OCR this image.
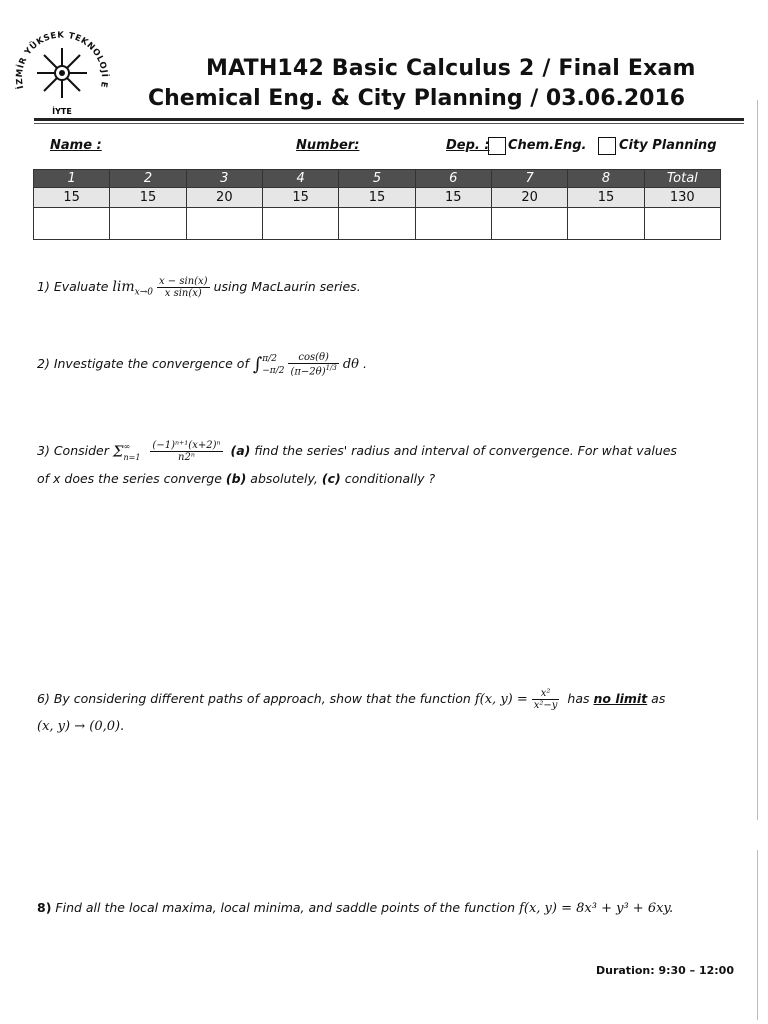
İZMİR YÜKSEK TEKNOLOJİ E
İYTE
MATH142 Basic Calculus 2 / Final Exam
Chemical Eng. & City Planning / 03.06.2016
Name :	Number:	Dep. : Chem.Eng.	City Planning
1	2	3	4	5	6	7	8	Total
15	15	20	15	15	15	20	15	130

1) Evaluate $\lim_{x\to 0} \frac{x - \sin(x)}{\text{x sin(x)}}$ using MacLaurin series.
2) Investigate the convergence of ∫ π/2
−π/2
$\frac{\cos(\theta)}{(\pi-2\theta)^{1/3}}$ dθ .
3) Consider Σ ∞
n=1
$\frac{\text{(−1)ⁿ⁺¹(x+2)ⁿ}}{\text{n2ⁿ}} (a)$ find the series' radius and interval of convergence. For what values
of x does the series converge (b) absolutely, (c) conditionally ?
6) By considering different paths of approach, show that the function f(x, $y) = \frac{\text{x²}}{\text{x²−y}}$ has no limit as
(x, y) → (0,0).
8) Find all the local maxima, local minima, and saddle points of the function f(x, y) = 8x³ + y³ + 6xy.
Duration: 9:30 – 12:00
